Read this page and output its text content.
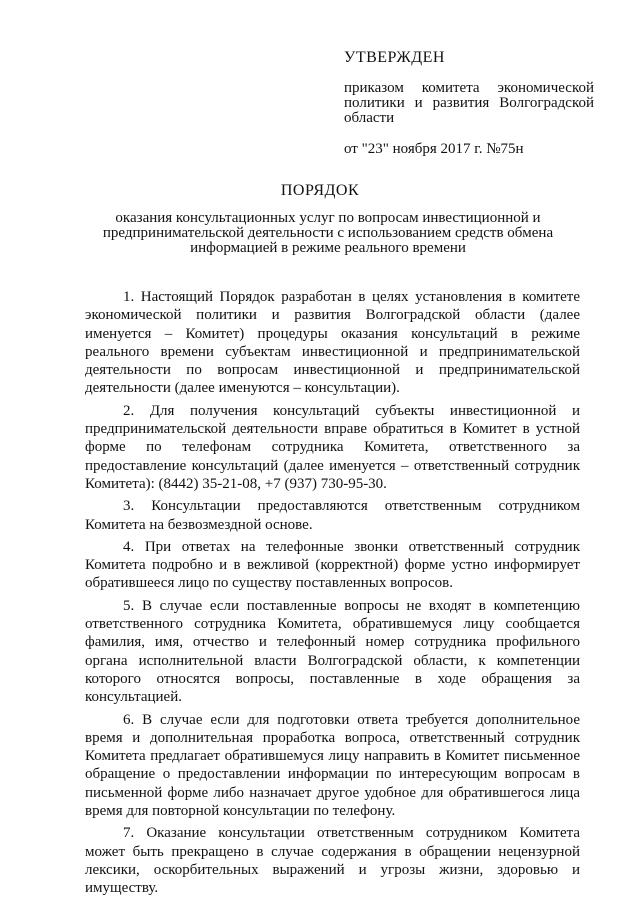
УТВЕРЖДЕН
приказом комитета экономической политики и развития Волгоградской области
от "23" ноября 2017 г. №75н
ПОРЯДОК
оказания консультационных услуг по вопросам инвестиционной и предпринимательской деятельности с использованием средств обмена информацией в режиме реального времени

1. Настоящий Порядок разработан в целях установления в комитете экономической политики и развития Волгоградской области (далее именуется – Комитет) процедуры оказания консультаций в режиме реального времени субъектам инвестиционной и предпринимательской деятельности по вопросам инвестиционной и предпринимательской деятельности (далее именуются – консультации).

2. Для получения консультаций субъекты инвестиционной и предпринимательской деятельности вправе обратиться в Комитет в устной форме по телефонам сотрудника Комитета, ответственного за предоставление консультаций (далее именуется – ответственный сотрудник Комитета): (8442) 35-21-08, +7 (937) 730-95-30.

3. Консультации предоставляются ответственным сотрудником Комитета на безвозмездной основе.

4. При ответах на телефонные звонки ответственный сотрудник Комитета подробно и в вежливой (корректной) форме устно информирует обратившееся лицо по существу поставленных вопросов.

5. В случае если поставленные вопросы не входят в компетенцию ответственного сотрудника Комитета, обратившемуся лицу сообщается фамилия, имя, отчество и телефонный номер сотрудника профильного органа исполнительной власти Волгоградской области, к компетенции которого относятся вопросы, поставленные в ходе обращения за консультацией.

6. В случае если для подготовки ответа требуется дополнительное время и дополнительная проработка вопроса, ответственный сотрудник Комитета предлагает обратившемуся лицу направить в Комитет письменное обращение о предоставлении информации по интересующим вопросам в письменной форме либо назначает другое удобное для обратившегося лица время для повторной консультации по телефону.

7. Оказание консультации ответственным сотрудником Комитета может быть прекращено в случае содержания в обращении нецензурной лексики, оскорбительных выражений и угрозы жизни, здоровью и имуществу.
